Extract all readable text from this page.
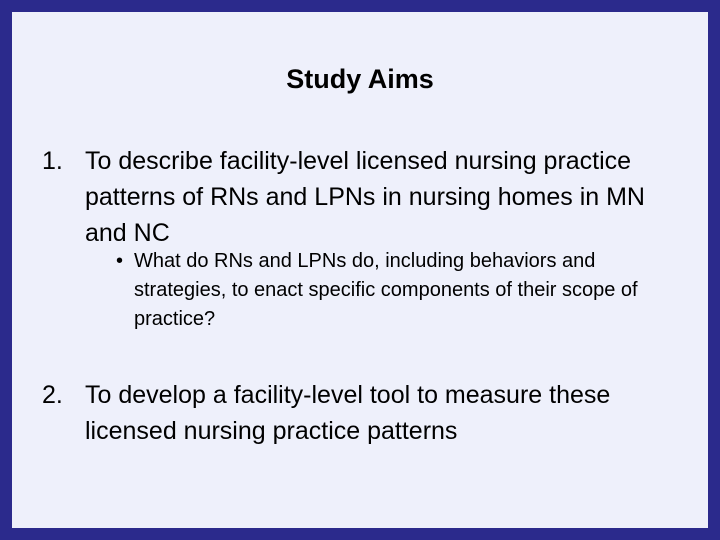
Study Aims
1. To describe facility-level licensed nursing practice patterns of RNs and LPNs in nursing homes in MN and NC
• What do RNs and LPNs do, including behaviors and strategies, to enact specific components of their scope of practice?
2. To develop a facility-level tool to measure these licensed nursing practice patterns
